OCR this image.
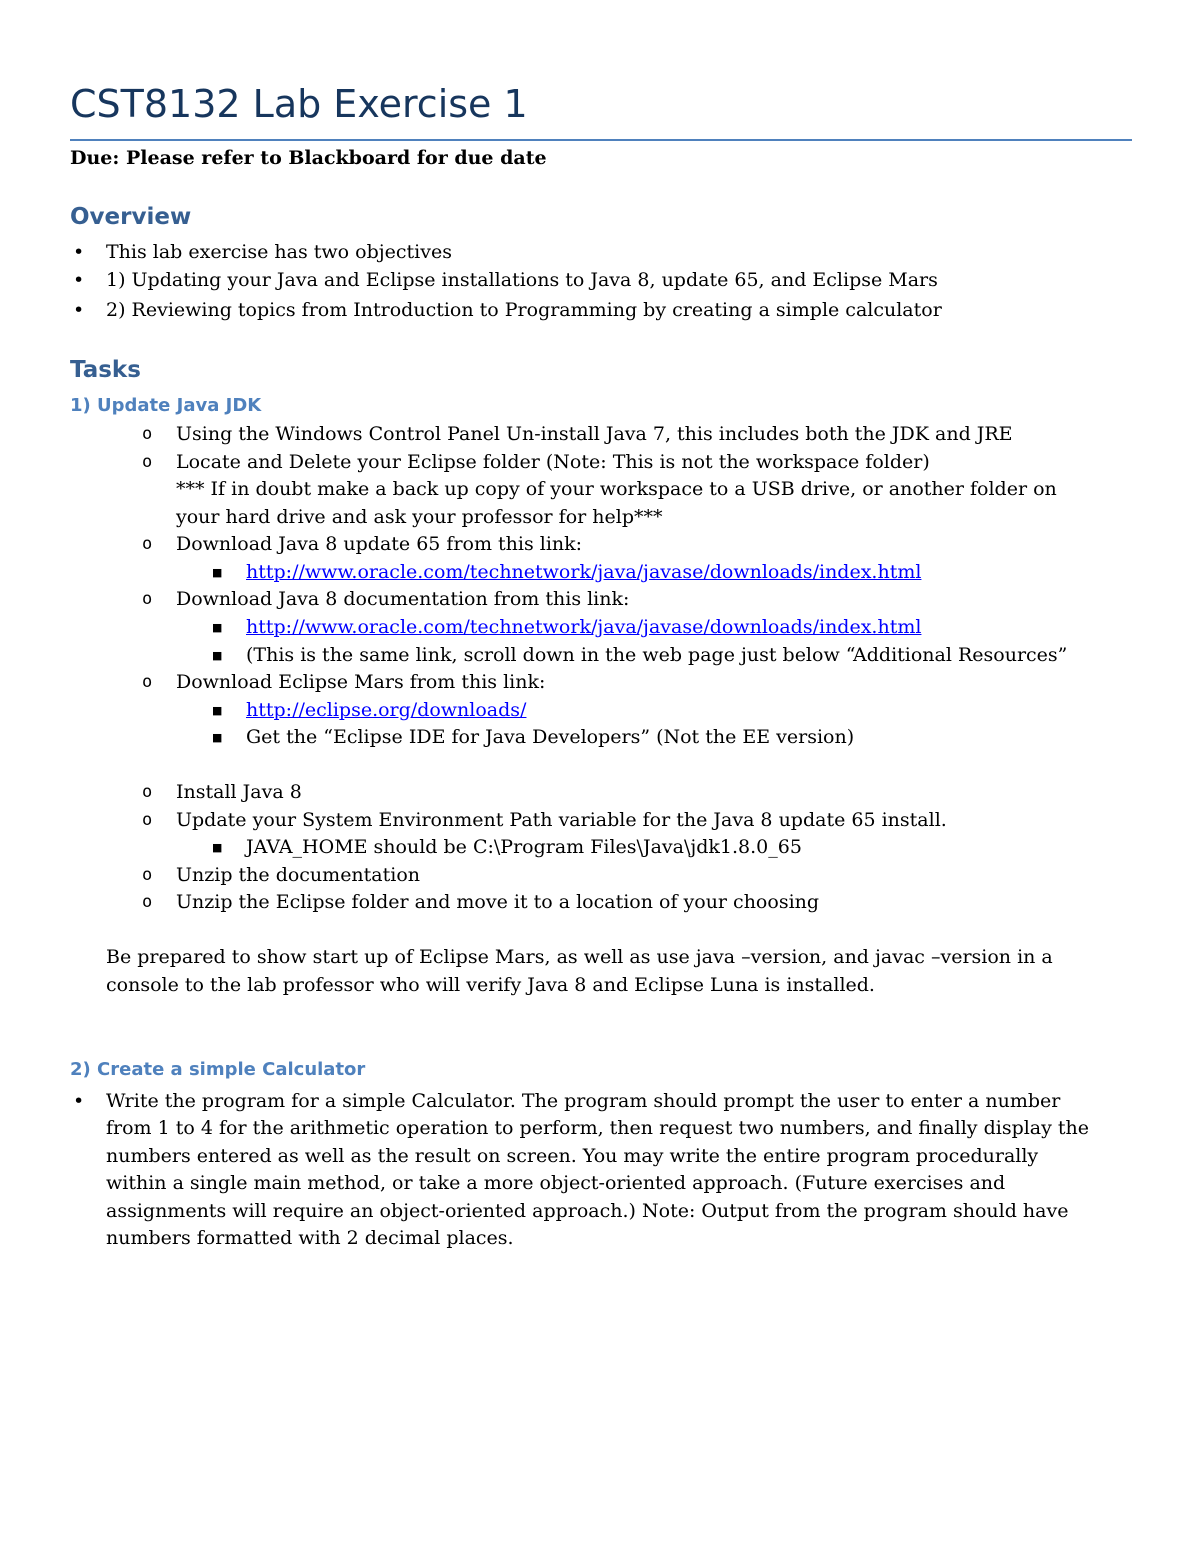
CST8132 Lab Exercise 1
Due: Please refer to Blackboard for due date
Overview
• This lab exercise has two objectives
• 1) Updating your Java and Eclipse installations to Java 8, update 65, and Eclipse Mars
• 2) Reviewing topics from Introduction to Programming by creating a simple calculator
Tasks
1) Update Java JDK
o Using the Windows Control Panel Un-install Java 7, this includes both the JDK and JRE
o Locate and Delete your Eclipse folder (Note: This is not the workspace folder)
*** If in doubt make a back up copy of your workspace to a USB drive, or another folder on
your hard drive and ask your professor for help***
o Download Java 8 update 65 from this link:
■ http://www.oracle.com/technetwork/java/javase/downloads/index.html
o Download Java 8 documentation from this link:
■ http://www.oracle.com/technetwork/java/javase/downloads/index.html
■ (This is the same link, scroll down in the web page just below “Additional Resources”
o Download Eclipse Mars from this link:
■ http://eclipse.org/downloads/
■ Get the “Eclipse IDE for Java Developers” (Not the EE version)
o Install Java 8
o Update your System Environment Path variable for the Java 8 update 65 install.
■ JAVA_HOME should be C:\Program Files\Java\jdk1.8.0_65
o Unzip the documentation
o Unzip the Eclipse folder and move it to a location of your choosing
Be prepared to show start up of Eclipse Mars, as well as use java –version, and javac –version in a
console to the lab professor who will verify Java 8 and Eclipse Luna is installed.
2) Create a simple Calculator
• Write the program for a simple Calculator. The program should prompt the user to enter a number
from 1 to 4 for the arithmetic operation to perform, then request two numbers, and finally display the
numbers entered as well as the result on screen. You may write the entire program procedurally
within a single main method, or take a more object-oriented approach. (Future exercises and
assignments will require an object-oriented approach.) Note: Output from the program should have
numbers formatted with 2 decimal places.
